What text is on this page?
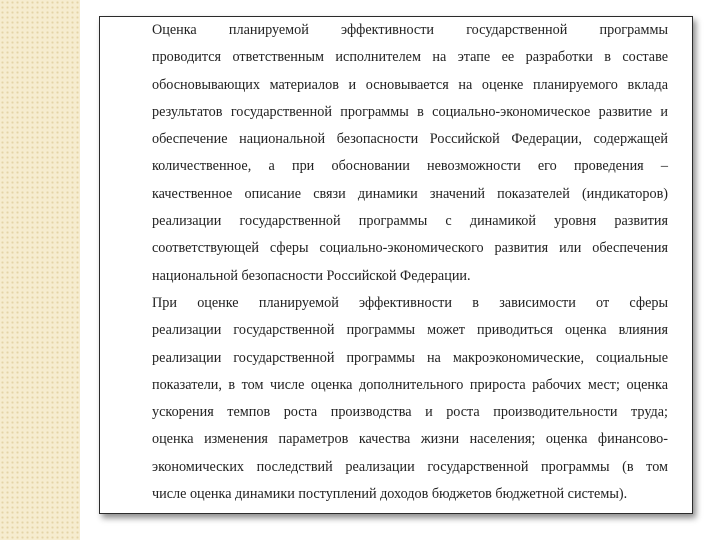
Оценка планируемой эффективности государственной программы
проводится ответственным исполнителем на этапе ее разработки в составе
обосновывающих материалов и основывается на оценке планируемого вклада
результатов государственной программы в социально-экономическое развитие и
обеспечение национальной безопасности Российской Федерации, содержащей
количественное, а при обосновании невозможности его проведения –
качественное описание связи динамики значений показателей (индикаторов)
реализации государственной программы с динамикой уровня развития
соответствующей сферы социально-экономического развития или обеспечения
национальной безопасности Российской Федерации.

При оценке планируемой эффективности в зависимости от сферы
реализации государственной программы может приводиться оценка влияния
реализации государственной программы на макроэкономические, социальные
показатели, в том числе оценка дополнительного прироста рабочих мест; оценка
ускорения темпов роста производства и роста производительности труда;
оценка изменения параметров качества жизни населения; оценка финансово-
экономических последствий реализации государственной программы (в том
числе оценка динамики поступлений доходов бюджетов бюджетной системы).
